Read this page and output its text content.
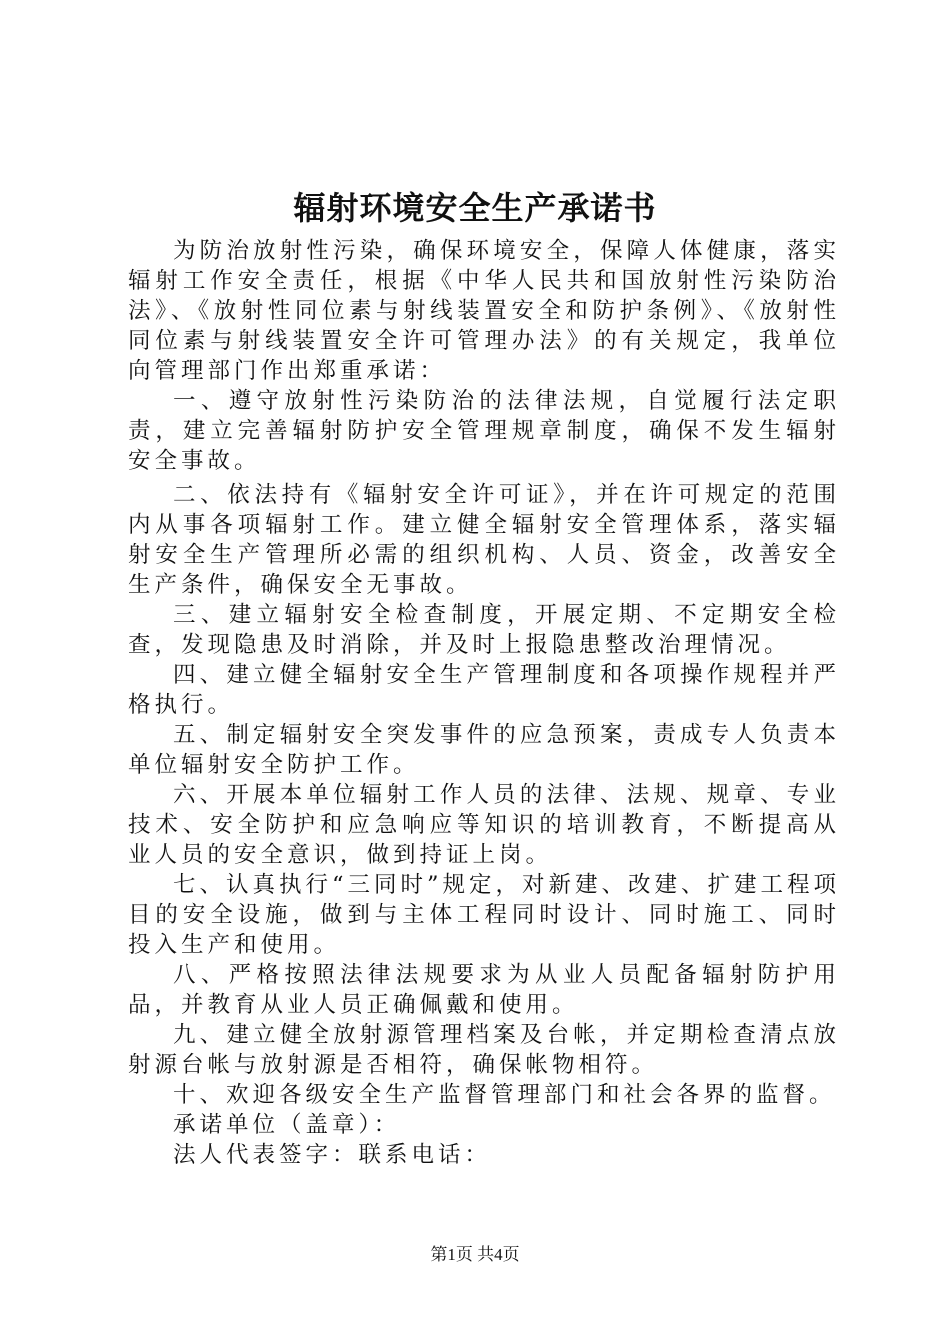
辐射环境安全生产承诺书

为防治放射性污染，确保环境安全，保障人体健康，落实辐射工作安全责任，根据《中华人民共和国放射性污染防治法》、《放射性同位素与射线装置安全和防护条例》、《放射性同位素与射线装置安全许可管理办法》的有关规定，我单位向管理部门作出郑重承诺：

一、遵守放射性污染防治的法律法规，自觉履行法定职责，建立完善辐射防护安全管理规章制度，确保不发生辐射安全事故。

二、依法持有《辐射安全许可证》，并在许可规定的范围内从事各项辐射工作。建立健全辐射安全管理体系，落实辐射安全生产管理所必需的组织机构、人员、资金，改善安全生产条件，确保安全无事故。

三、建立辐射安全检查制度，开展定期、不定期安全检查，发现隐患及时消除，并及时上报隐患整改治理情况。

四、建立健全辐射安全生产管理制度和各项操作规程并严格执行。

五、制定辐射安全突发事件的应急预案，责成专人负责本单位辐射安全防护工作。

六、开展本单位辐射工作人员的法律、法规、规章、专业技术、安全防护和应急响应等知识的培训教育，不断提高从业人员的安全意识，做到持证上岗。

七、认真执行“三同时”规定，对新建、改建、扩建工程项目的安全设施，做到与主体工程同时设计、同时施工、同时投入生产和使用。

八、严格按照法律法规要求为从业人员配备辐射防护用品，并教育从业人员正确佩戴和使用。

九、建立健全放射源管理档案及台帐，并定期检查清点放射源台帐与放射源是否相符，确保帐物相符。

十、欢迎各级安全生产监督管理部门和社会各界的监督。

承诺单位（盖章）：

法人代表签字：联系电话：

第1页 共4页
